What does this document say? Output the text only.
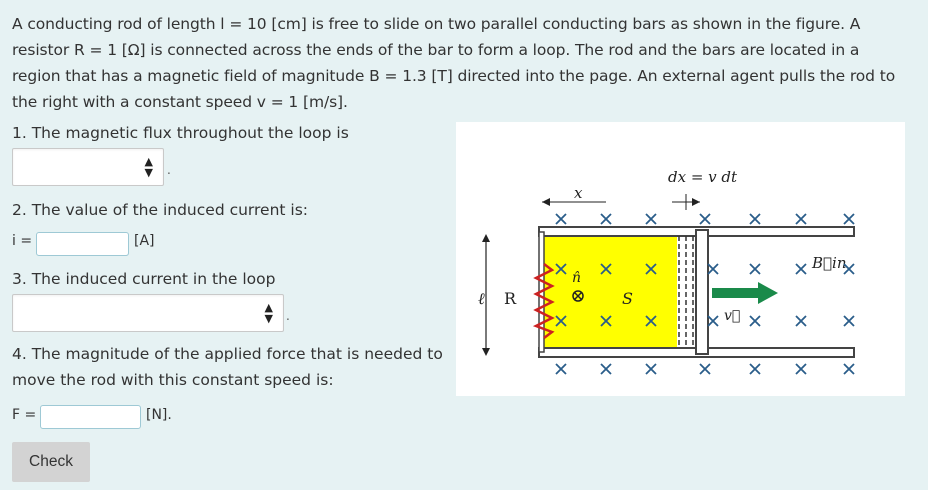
A conducting rod of length l = 10 [cm] is free to slide on two parallel conducting bars as shown in the figure. A resistor R = 1 [Ω] is connected across the ends of the bar to form a loop. The rod and the bars are located in a region that has a magnetic field of magnitude B = 1.3 [T] directed into the page. An external agent pulls the rod to the right with a constant speed v = 1 [m/s].
1. The magnetic flux throughout the loop is
▲
▼ .
2. The value of the induced current is:
i =	[A]
3. The induced current in the loop
▲
▼ .
4. The magnitude of the applied force that is needed to
move the rod with this constant speed is:
F =	[N].
Check
ℓ R
x
dx = v dt
v⃗
B⃗in
n̂
S
